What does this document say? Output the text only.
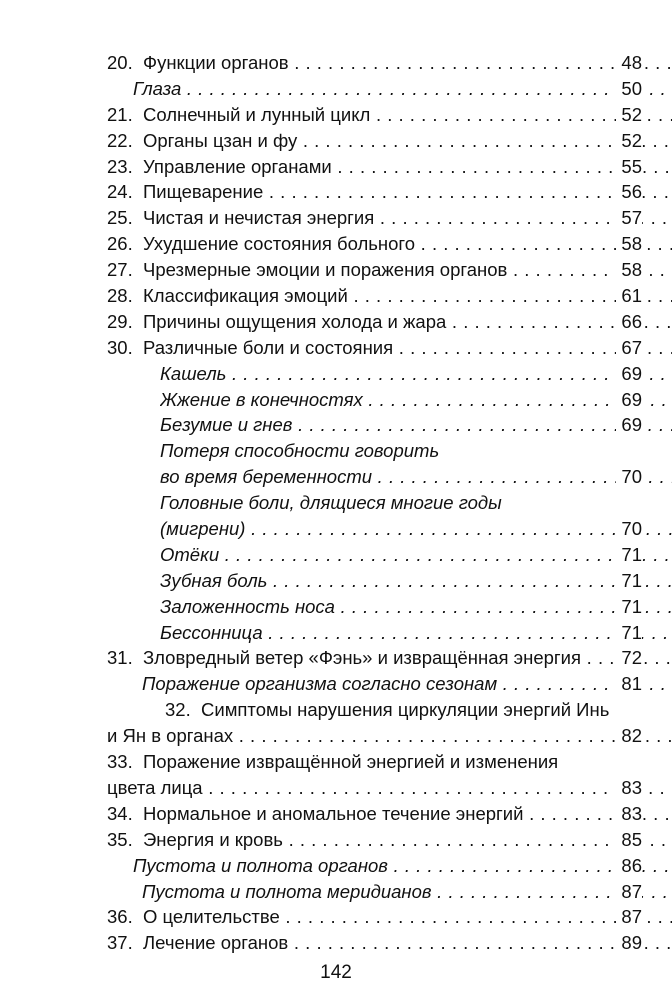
20. Функции органов . . .	48
Глаза . . .	50
21. Солнечный и лунный цикл . . .	52
22. Органы цзан и фу . . .	52
23. Управление органами . . .	55
24. Пищеварение . . .	56
25. Чистая и нечистая энергия . . .	57
26. Ухудшение состояния больного . . .	58
27. Чрезмерные эмоции и поражения органов . . .	58
28. Классификация эмоций . . .	61
29. Причины ощущения холода и жара . . .	66
30. Различные боли и состояния . . .	67
Кашель . . .	69
Жжение в конечностях . . .	69
Безумие и гнев . . .	69
Потеря способности говорить
во время беременности . . .	70
Головные боли, длящиеся многие годы
(мигрени) . . .	70
Отёки . . .	71
Зубная боль . . .	71
Заложенность носа . . .	71
Бессонница . . .	71
31. Зловредный ветер «Фэнь» и извращённая энергия . . .	72
Поражение организма согласно сезонам . . .	81
32. Симптомы нарушения циркуляции энергий Инь
и Ян в органах . . .	82
33. Поражение извращённой энергией и изменения
цвета лица . . .	83
34. Нормальное и аномальное течение энергий . . .	83
35. Энергия и кровь . . .	85
Пустота и полнота органов . . .	86
Пустота и полнота меридианов . . .	87
36. О целительстве . . .	87
37. Лечение органов . . .	89
142
